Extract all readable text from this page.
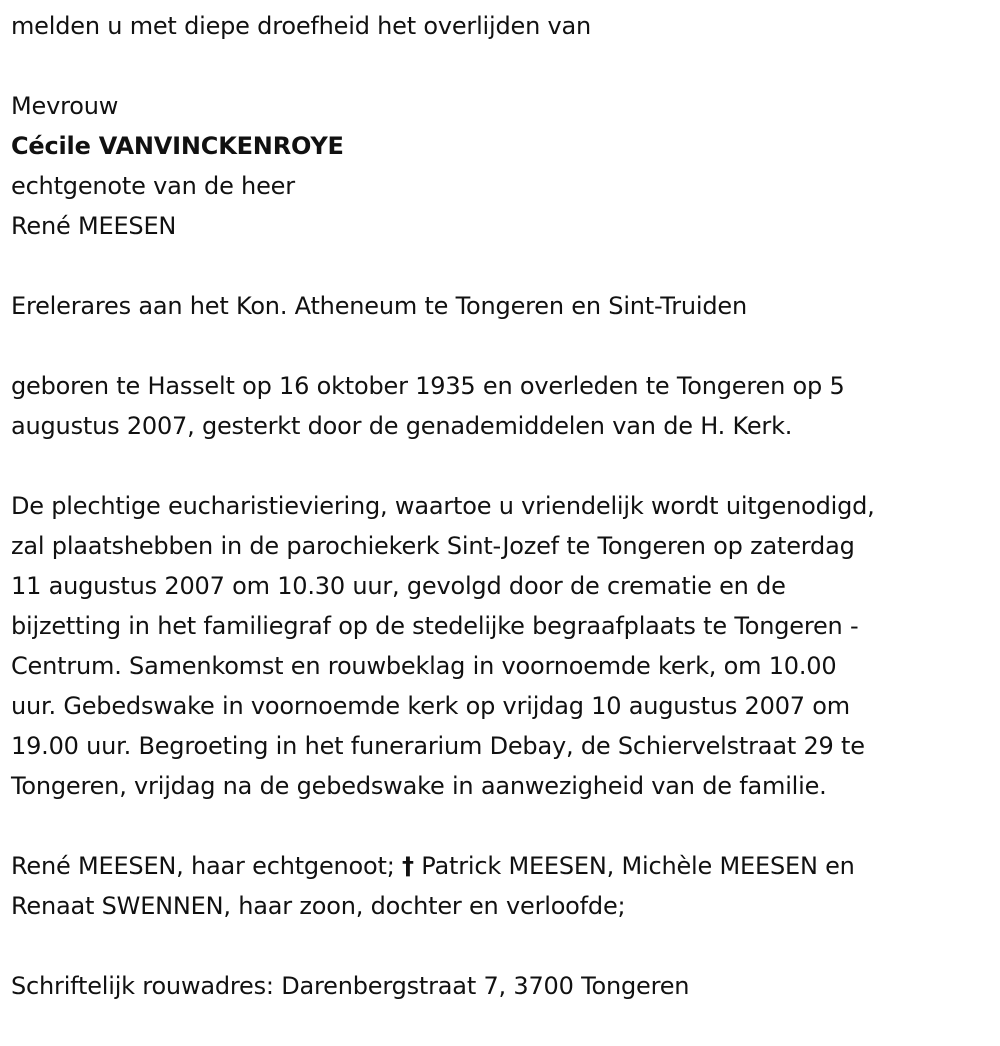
melden u met diepe droefheid het overlijden van

Mevrouw

Cécile VANVINCKENROYE

echtgenote van de heer

René MEESEN

Erelerares aan het Kon. Atheneum te Tongeren en Sint-Truiden

geboren te Hasselt op 16 oktober 1935 en overleden te Tongeren op 5

augustus 2007, gesterkt door de genademiddelen van de H. Kerk.

De plechtige eucharistieviering, waartoe u vriendelijk wordt uitgenodigd,

zal plaatshebben in de parochiekerk Sint-Jozef te Tongeren op zaterdag

11 augustus 2007 om 10.30 uur, gevolgd door de crematie en de

bijzetting in het familiegraf op de stedelijke begraafplaats te Tongeren -

Centrum. Samenkomst en rouwbeklag in voornoemde kerk, om 10.00

uur. Gebedswake in voornoemde kerk op vrijdag 10 augustus 2007 om

19.00 uur. Begroeting in het funerarium Debay, de Schiervelstraat 29 te

Tongeren, vrijdag na de gebedswake in aanwezigheid van de familie.

René MEESEN, haar echtgenoot; † Patrick MEESEN, Michèle MEESEN en

Renaat SWENNEN, haar zoon, dochter en verloofde;

Schriftelijk rouwadres: Darenbergstraat 7, 3700 Tongeren
